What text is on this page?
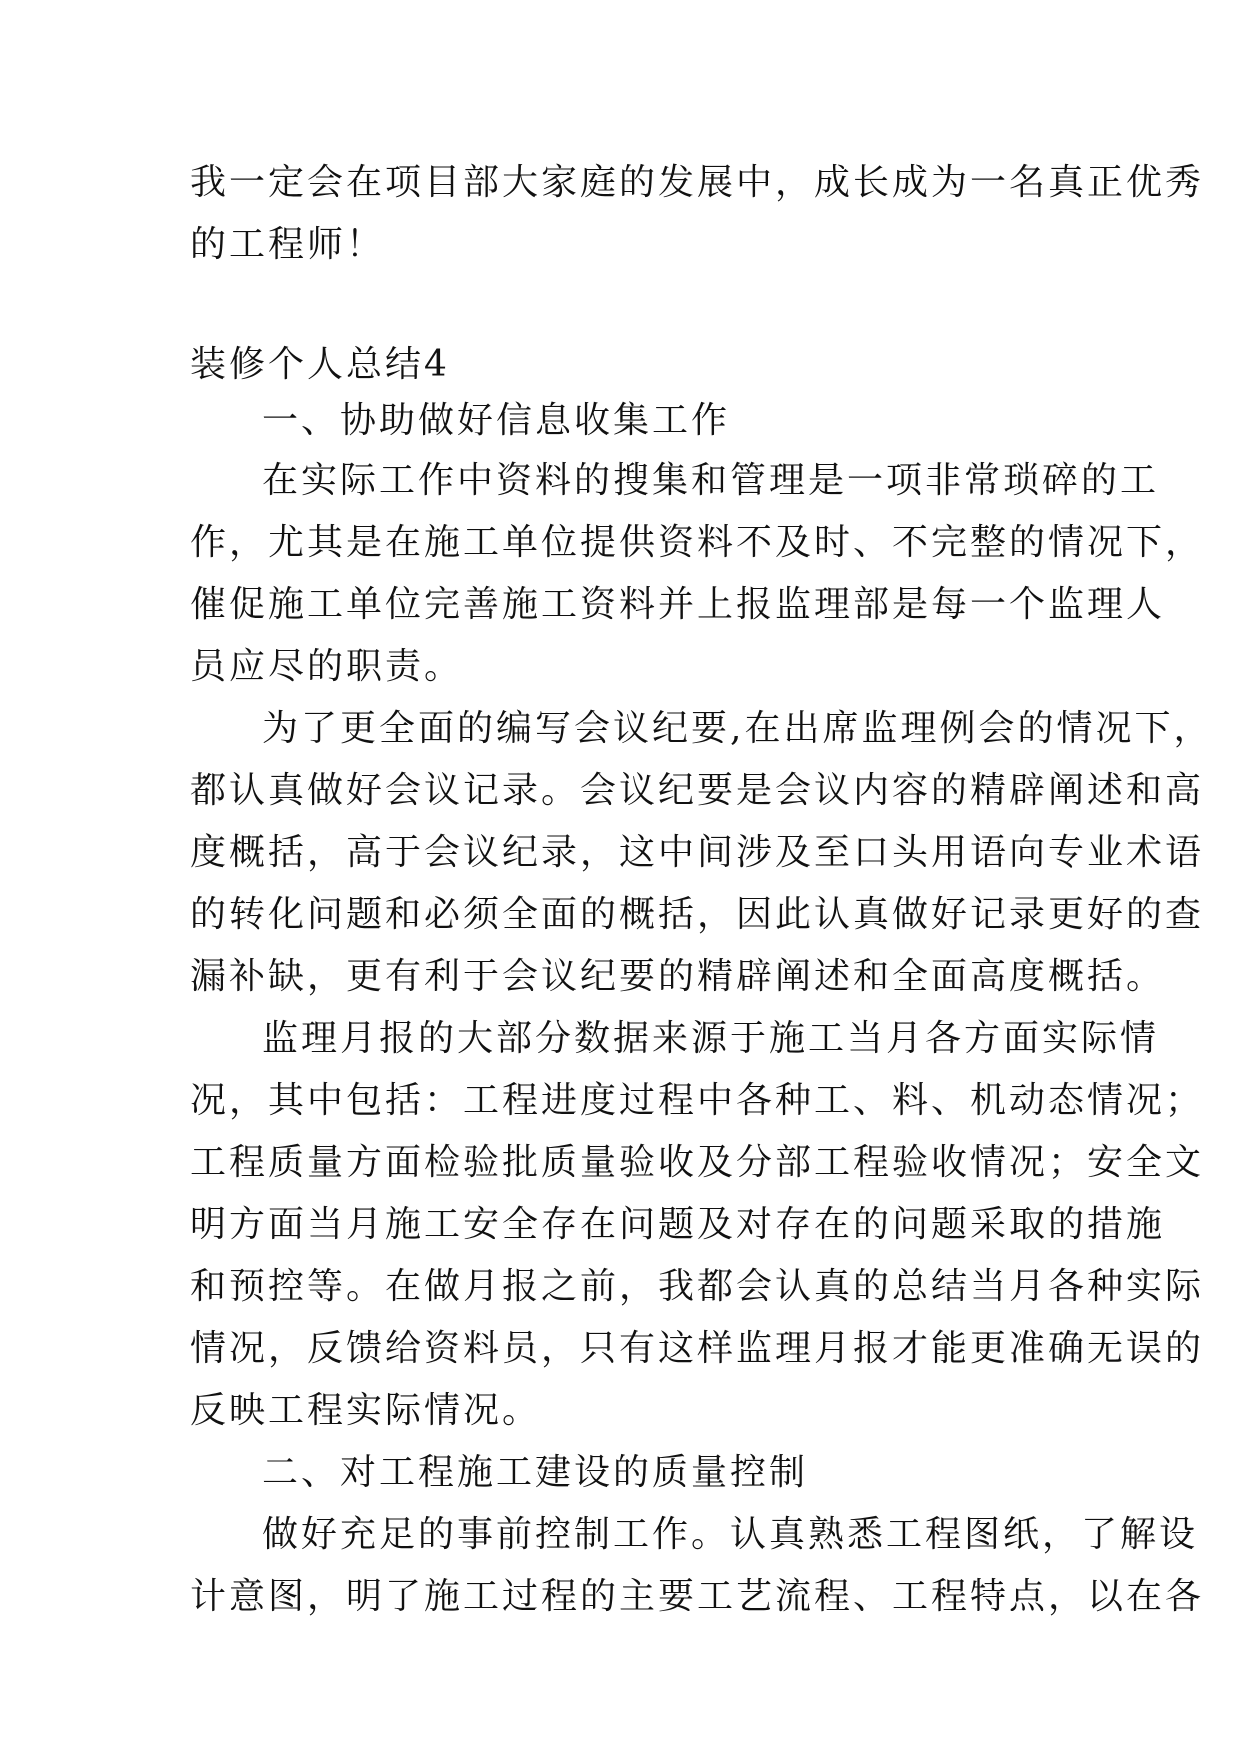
我一定会在项目部大家庭的发展中，成长成为一名真正优秀
的工程师！
装修个人总结4
一、协助做好信息收集工作
在实际工作中资料的搜集和管理是一项非常琐碎的工
作，尤其是在施工单位提供资料不及时、不完整的情况下，
催促施工单位完善施工资料并上报监理部是每一个监理人
员应尽的职责。
为了更全面的编写会议纪要,在出席监理例会的情况下，
都认真做好会议记录。会议纪要是会议内容的精辟阐述和高
度概括，高于会议纪录，这中间涉及至口头用语向专业术语
的转化问题和必须全面的概括，因此认真做好记录更好的查
漏补缺，更有利于会议纪要的精辟阐述和全面高度概括。
监理月报的大部分数据来源于施工当月各方面实际情
况，其中包括：工程进度过程中各种工、料、机动态情况；
工程质量方面检验批质量验收及分部工程验收情况；安全文
明方面当月施工安全存在问题及对存在的问题采取的措施
和预控等。在做月报之前，我都会认真的总结当月各种实际
情况，反馈给资料员，只有这样监理月报才能更准确无误的
反映工程实际情况。
二、对工程施工建设的质量控制
做好充足的事前控制工作。认真熟悉工程图纸，了解设
计意图，明了施工过程的主要工艺流程、工程特点，以在各
